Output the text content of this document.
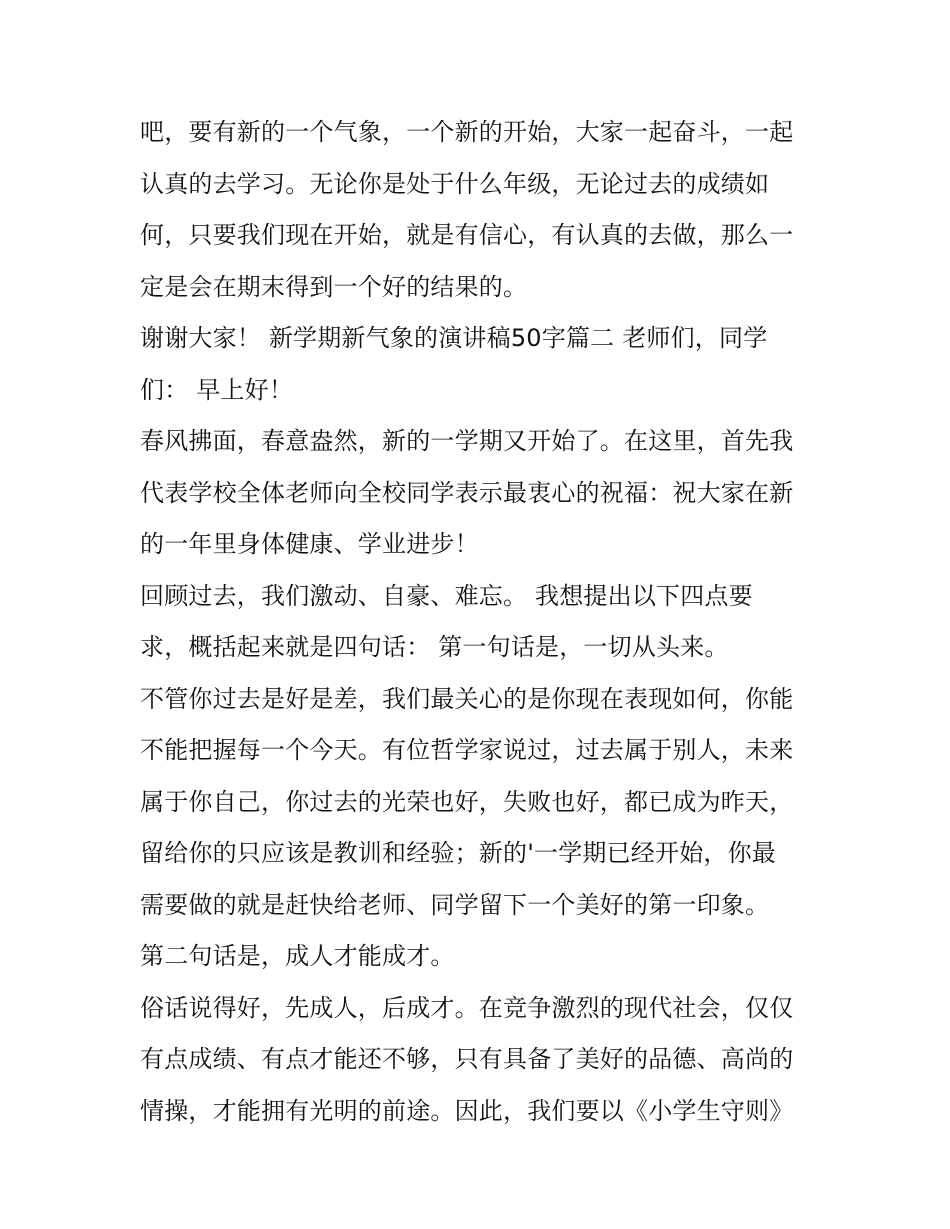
吧，要有新的一个气象，一个新的开始，大家一起奋斗，一起
认真的去学习。无论你是处于什么年级，无论过去的成绩如
何，只要我们现在开始，就是有信心，有认真的去做，那么一
定是会在期末得到一个好的结果的。
谢谢大家！ 新学期新气象的演讲稿50字篇二 老师们，同学
们： 早上好！
春风拂面，春意盎然，新的一学期又开始了。在这里，首先我
代表学校全体老师向全校同学表示最衷心的祝福：祝大家在新
的一年里身体健康、学业进步！
回顾过去，我们激动、自豪、难忘。 我想提出以下四点要
求，概括起来就是四句话： 第一句话是，一切从头来。
不管你过去是好是差，我们最关心的是你现在表现如何，你能
不能把握每一个今天。有位哲学家说过，过去属于别人，未来
属于你自己，你过去的光荣也好，失败也好，都已成为昨天，
留给你的只应该是教训和经验；新的'一学期已经开始，你最
需要做的就是赶快给老师、同学留下一个美好的第一印象。
第二句话是，成人才能成才。
俗话说得好，先成人，后成才。在竞争激烈的现代社会，仅仅
有点成绩、有点才能还不够，只有具备了美好的品德、高尚的
情操，才能拥有光明的前途。因此，我们要以《小学生守则》
